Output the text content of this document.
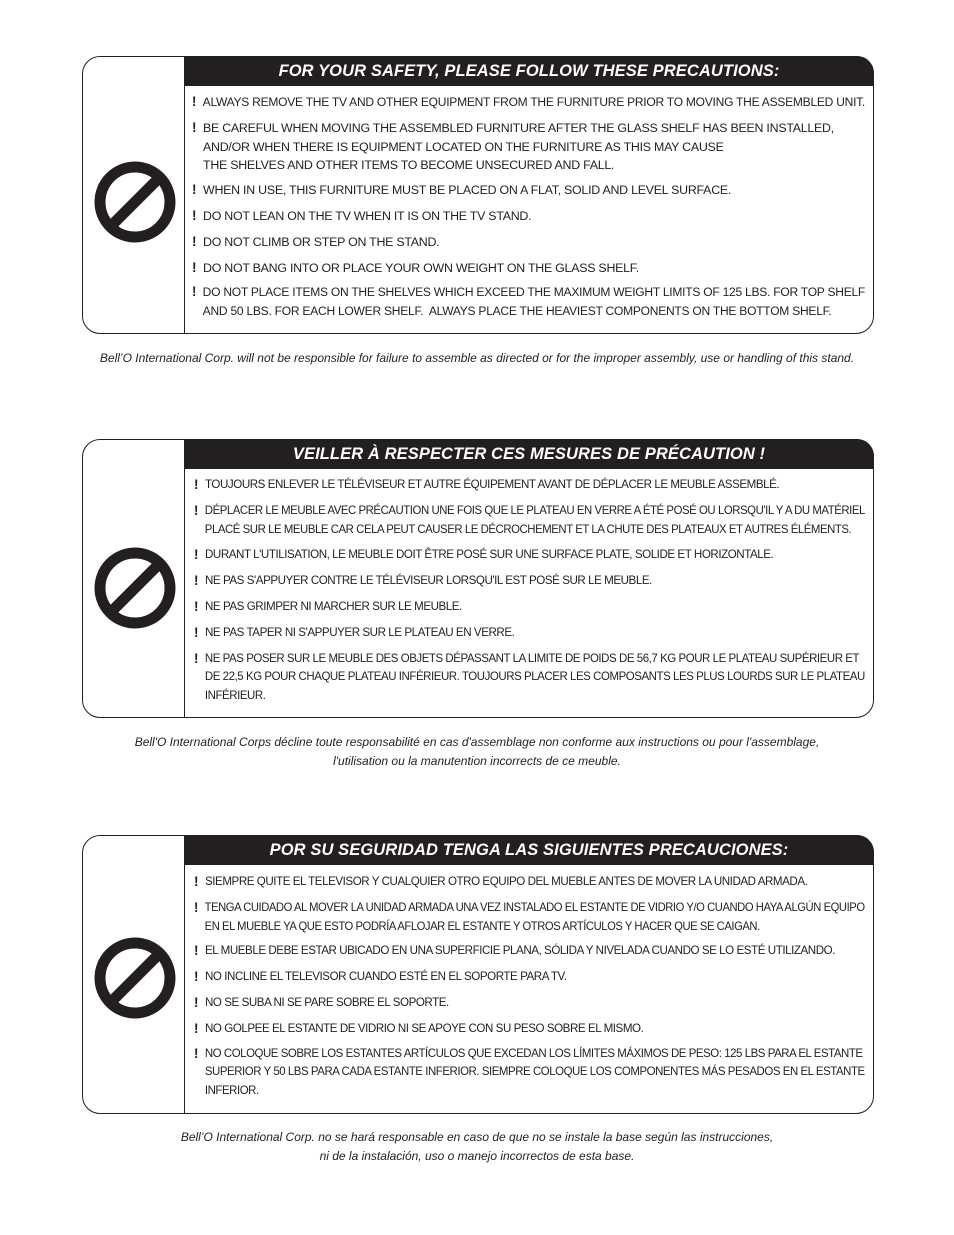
FOR YOUR SAFETY, PLEASE FOLLOW THESE PRECAUTIONS:
! ALWAYS REMOVE THE TV AND OTHER EQUIPMENT FROM THE FURNITURE PRIOR TO MOVING THE ASSEMBLED UNIT.
! BE CAREFUL WHEN MOVING THE ASSEMBLED FURNITURE AFTER THE GLASS SHELF HAS BEEN INSTALLED,
AND/OR WHEN THERE IS EQUIPMENT LOCATED ON THE FURNITURE AS THIS MAY CAUSE
THE SHELVES AND OTHER ITEMS TO BECOME UNSECURED AND FALL.
! WHEN IN USE, THIS FURNITURE MUST BE PLACED ON A FLAT, SOLID AND LEVEL SURFACE.
! DO NOT LEAN ON THE TV WHEN IT IS ON THE TV STAND.
! DO NOT CLIMB OR STEP ON THE STAND.
! DO NOT BANG INTO OR PLACE YOUR OWN WEIGHT ON THE GLASS SHELF.
! DO NOT PLACE ITEMS ON THE SHELVES WHICH EXCEED THE MAXIMUM WEIGHT LIMITS OF 125 LBS. FOR TOP SHELF
AND 50 LBS. FOR EACH LOWER SHELF.  ALWAYS PLACE THE HEAVIEST COMPONENTS ON THE BOTTOM SHELF.
Bell’O International Corp. will not be responsible for failure to assemble as directed or for the improper assembly, use or handling of this stand.
VEILLER À RESPECTER CES MESURES DE PRÉCAUTION !
! TOUJOURS ENLEVER LE TÉLÉVISEUR ET AUTRE ÉQUIPEMENT AVANT DE DÉPLACER LE MEUBLE ASSEMBLÉ.
! DÉPLACER LE MEUBLE AVEC PRÉCAUTION UNE FOIS QUE LE PLATEAU EN VERRE A ÉTÉ POSÉ OU LORSQU'IL Y A DU MATÉRIEL
PLACÉ SUR LE MEUBLE CAR CELA PEUT CAUSER LE DÉCROCHEMENT ET LA CHUTE DES PLATEAUX ET AUTRES ÉLÉMENTS.
! DURANT L'UTILISATION, LE MEUBLE DOIT ÊTRE POSÉ SUR UNE SURFACE PLATE, SOLIDE ET HORIZONTALE.
! NE PAS S'APPUYER CONTRE LE TÉLÉVISEUR LORSQU'IL EST POSÉ SUR LE MEUBLE.
! NE PAS GRIMPER NI MARCHER SUR LE MEUBLE.
! NE PAS TAPER NI S'APPUYER SUR LE PLATEAU EN VERRE.
! NE PAS POSER SUR LE MEUBLE DES OBJETS DÉPASSANT LA LIMITE DE POIDS DE 56,7 KG POUR LE PLATEAU SUPÉRIEUR ET
DE 22,5 KG POUR CHAQUE PLATEAU INFÉRIEUR. TOUJOURS PLACER LES COMPOSANTS LES PLUS LOURDS SUR LE PLATEAU
INFÉRIEUR.
Bell'O International Corps décline toute responsabilité en cas d'assemblage non conforme aux instructions ou pour l'assemblage,
l'utilisation ou la manutention incorrects de ce meuble.
POR SU SEGURIDAD TENGA LAS SIGUIENTES PRECAUCIONES:
! SIEMPRE QUITE EL TELEVISOR Y CUALQUIER OTRO EQUIPO DEL MUEBLE ANTES DE MOVER LA UNIDAD ARMADA.
! TENGA CUIDADO AL MOVER LA UNIDAD ARMADA UNA VEZ INSTALADO EL ESTANTE DE VIDRIO Y/O CUANDO HAYA ALGÚN EQUIPO
EN EL MUEBLE YA QUE ESTO PODRÍA AFLOJAR EL ESTANTE Y OTROS ARTÍCULOS Y HACER QUE SE CAIGAN.
! EL MUEBLE DEBE ESTAR UBICADO EN UNA SUPERFICIE PLANA, SÓLIDA Y NIVELADA CUANDO SE LO ESTÉ UTILIZANDO.
! NO INCLINE EL TELEVISOR CUANDO ESTÉ EN EL SOPORTE PARA TV.
! NO SE SUBA NI SE PARE SOBRE EL SOPORTE.
! NO GOLPEE EL ESTANTE DE VIDRIO NI SE APOYE CON SU PESO SOBRE EL MISMO.
! NO COLOQUE SOBRE LOS ESTANTES ARTÍCULOS QUE EXCEDAN LOS LÍMITES MÁXIMOS DE PESO: 125 LBS PARA EL ESTANTE
SUPERIOR Y 50 LBS PARA CADA ESTANTE INFERIOR. SIEMPRE COLOQUE LOS COMPONENTES MÁS PESADOS EN EL ESTANTE
INFERIOR.
Bell’O International Corp. no se hará responsable en caso de que no se instale la base según las instrucciones,
ni de la instalación, uso o manejo incorrectos de esta base.
